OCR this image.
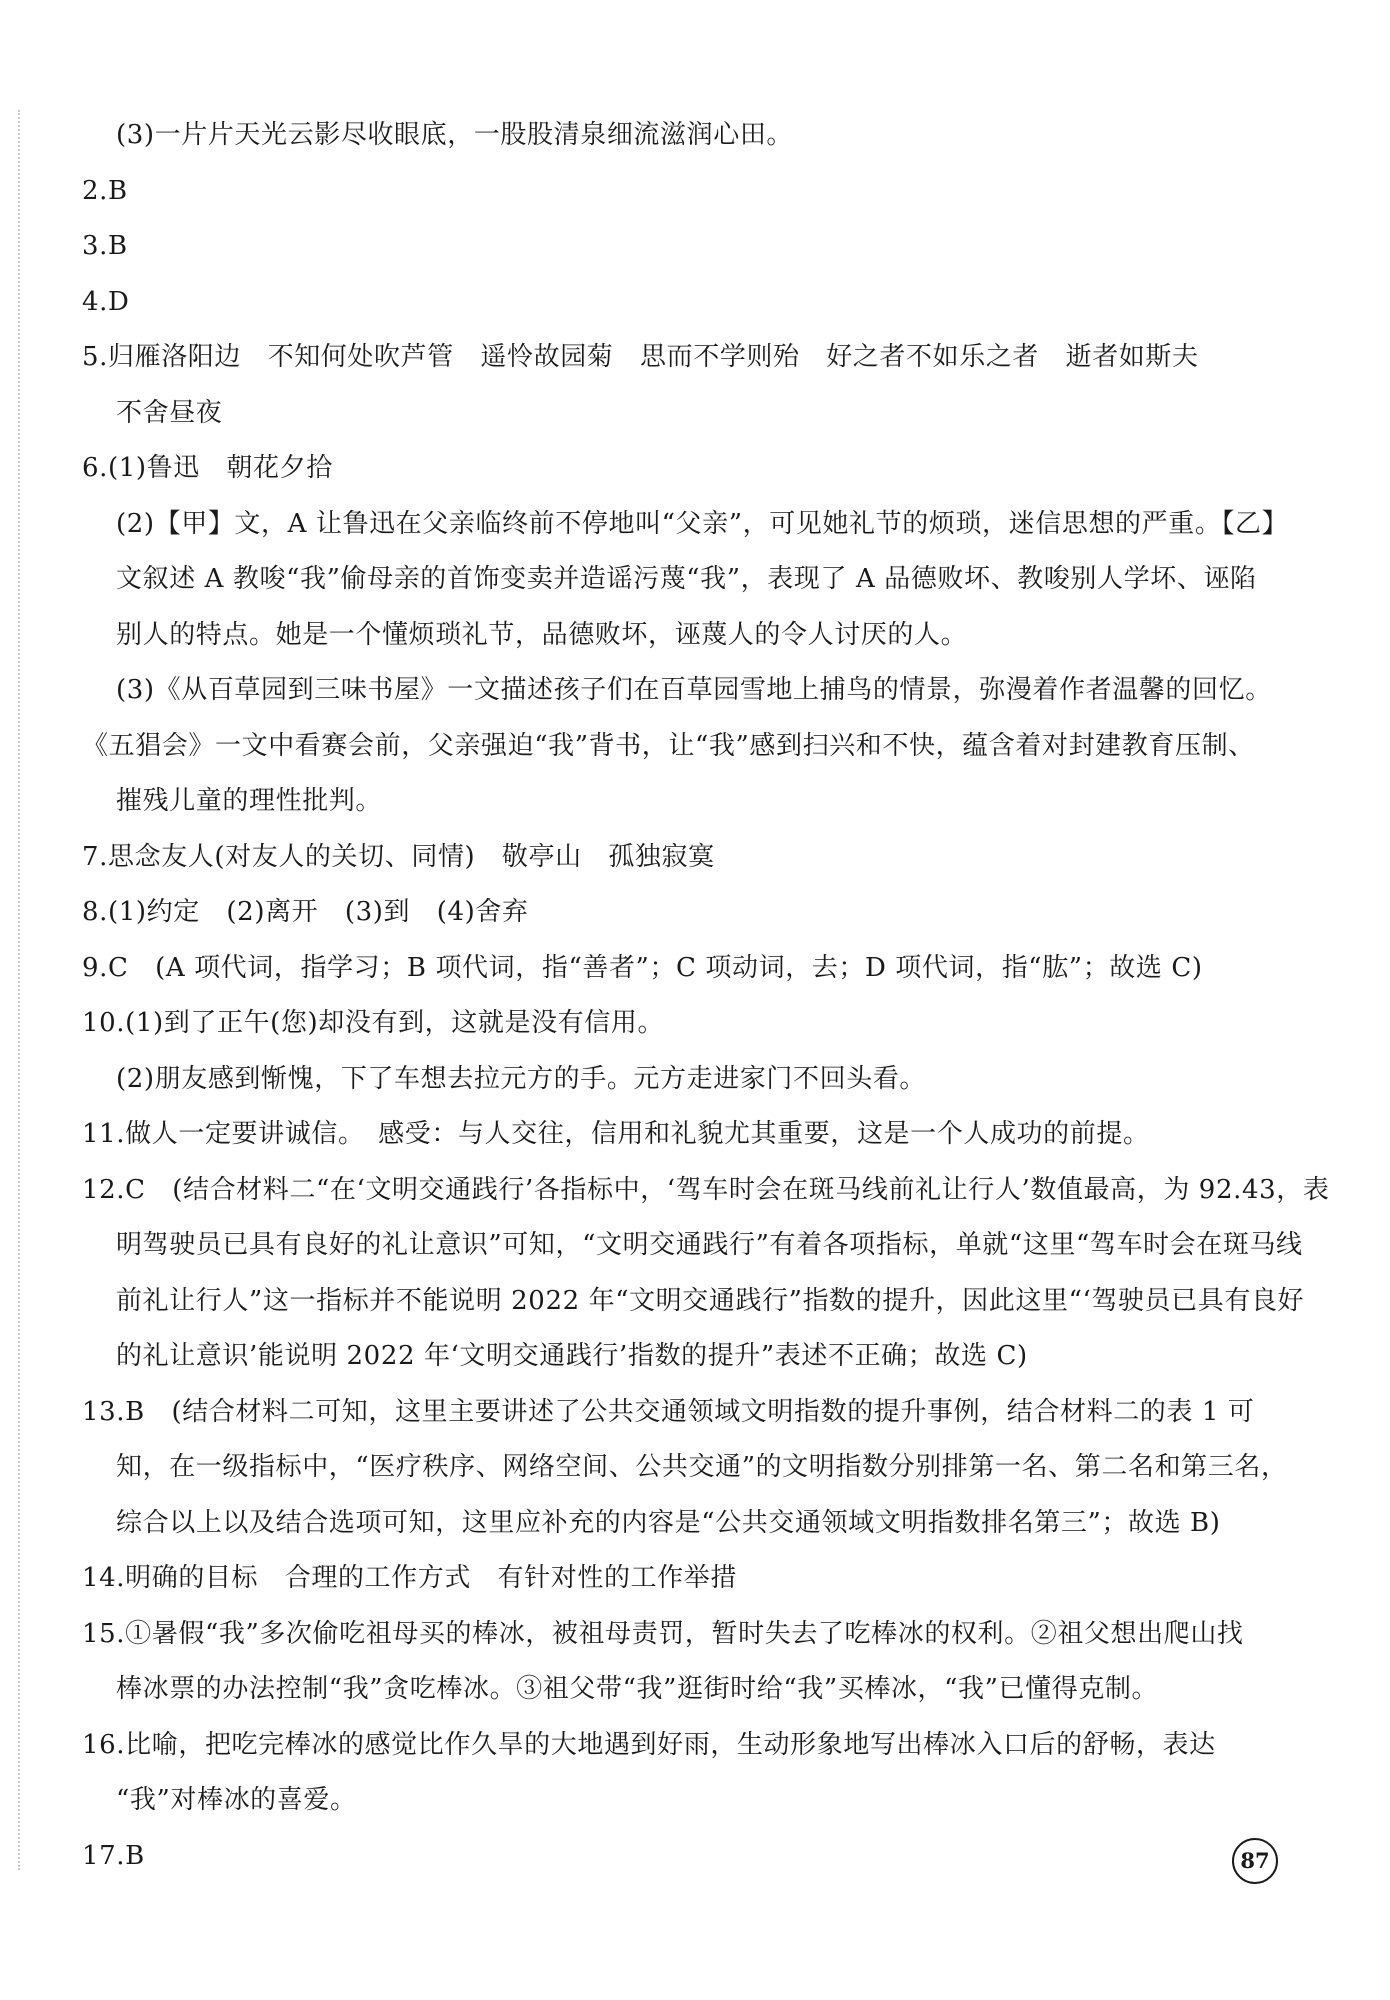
(3)一片片天光云影尽收眼底，一股股清泉细流滋润心田。
2.B
3.B
4.D
5.归雁洛阳边　不知何处吹芦管　遥怜故园菊　思而不学则殆　好之者不如乐之者　逝者如斯夫
不舍昼夜
6.(1)鲁迅　朝花夕拾
(2)【甲】文，A 让鲁迅在父亲临终前不停地叫“父亲”，可见她礼节的烦琐，迷信思想的严重。【乙】
文叙述 A 教唆“我”偷母亲的首饰变卖并造谣污蔑“我”，表现了 A 品德败坏、教唆别人学坏、诬陷
别人的特点。她是一个懂烦琐礼节，品德败坏，诬蔑人的令人讨厌的人。
(3)《从百草园到三味书屋》一文描述孩子们在百草园雪地上捕鸟的情景，弥漫着作者温馨的回忆。
《五猖会》一文中看赛会前，父亲强迫“我”背书，让“我”感到扫兴和不快，蕴含着对封建教育压制、
摧残儿童的理性批判。
7.思念友人(对友人的关切、同情)　敬亭山　孤独寂寞
8.(1)约定　(2)离开　(3)到　(4)舍弃
9.C　(A 项代词，指学习；B 项代词，指“善者”；C 项动词，去；D 项代词，指“肱”；故选 C)
10.(1)到了正午(您)却没有到，这就是没有信用。
(2)朋友感到惭愧，下了车想去拉元方的手。元方走进家门不回头看。
11.做人一定要讲诚信。　感受：与人交往，信用和礼貌尤其重要，这是一个人成功的前提。
12.C　(结合材料二“在‘文明交通践行’各指标中，‘驾车时会在斑马线前礼让行人’数值最高，为 92.43，表
明驾驶员已具有良好的礼让意识”可知，“文明交通践行”有着各项指标，单就“这里“驾车时会在斑马线
前礼让行人”这一指标并不能说明 2022 年“文明交通践行”指数的提升，因此这里“‘驾驶员已具有良好
的礼让意识’能说明 2022 年‘文明交通践行’指数的提升”表述不正确；故选 C)
13.B　(结合材料二可知，这里主要讲述了公共交通领域文明指数的提升事例，结合材料二的表 1 可
知，在一级指标中，“医疗秩序、网络空间、公共交通”的文明指数分别排第一名、第二名和第三名，
综合以上以及结合选项可知，这里应补充的内容是“公共交通领域文明指数排名第三”；故选 B)
14.明确的目标　合理的工作方式　有针对性的工作举措
15.①暑假“我”多次偷吃祖母买的棒冰，被祖母责罚，暂时失去了吃棒冰的权利。②祖父想出爬山找
棒冰票的办法控制“我”贪吃棒冰。③祖父带“我”逛街时给“我”买棒冰，“我”已懂得克制。
16.比喻，把吃完棒冰的感觉比作久旱的大地遇到好雨，生动形象地写出棒冰入口后的舒畅，表达
“我”对棒冰的喜爱。
17.B	87
